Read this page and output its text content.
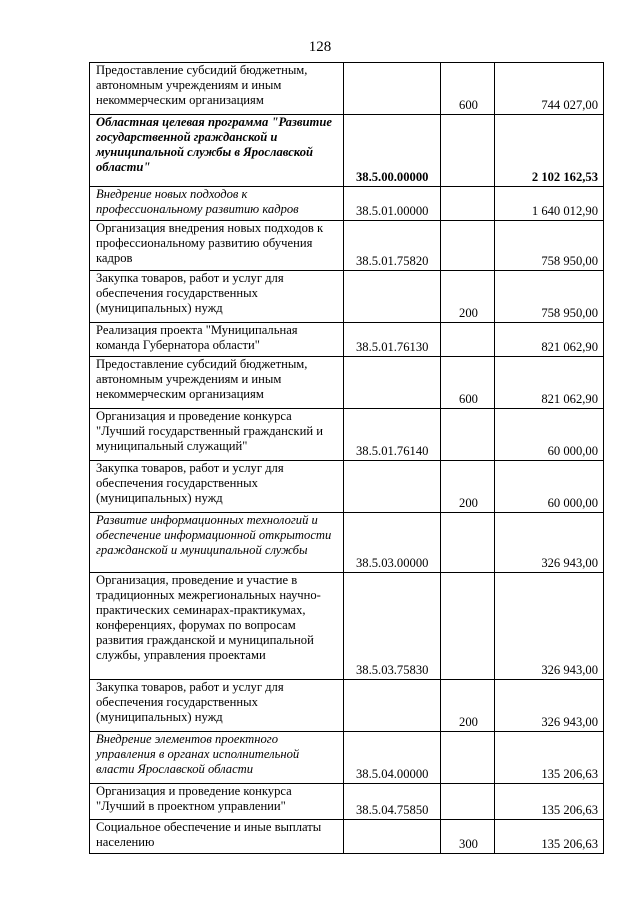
128
Предоставление субсидий бюджетным, автономным учреждениям и иным некоммерческим организациям		600	744 027,00
Областная целевая программа "Развитие государственной гражданской и муниципальной службы в Ярославской области"	38.5.00.00000		2 102 162,53
Внедрение новых подходов к профессиональному развитию кадров	38.5.01.00000		1 640 012,90
Организация внедрения новых подходов к профессиональному развитию обучения кадров	38.5.01.75820		758 950,00
Закупка товаров, работ и услуг для обеспечения государственных (муниципальных) нужд		200	758 950,00
Реализация проекта "Муниципальная команда Губернатора области"	38.5.01.76130		821 062,90
Предоставление субсидий бюджетным, автономным учреждениям и иным некоммерческим организациям		600	821 062,90
Организация и проведение конкурса "Лучший государственный гражданский и муниципальный служащий"	38.5.01.76140		60 000,00
Закупка товаров, работ и услуг для обеспечения государственных (муниципальных) нужд		200	60 000,00
Развитие информационных технологий и обеспечение информационной открытости гражданской и муниципальной службы	38.5.03.00000		326 943,00
Организация, проведение и участие в традиционных межрегиональных научно-практических семинарах-практикумах, конференциях, форумах по вопросам развития гражданской и муниципальной службы, управления проектами	38.5.03.75830		326 943,00
Закупка товаров, работ и услуг для обеспечения государственных (муниципальных) нужд		200	326 943,00
Внедрение элементов проектного управления в органах исполнительной власти Ярославской области	38.5.04.00000		135 206,63
Организация и проведение конкурса "Лучший в проектном управлении"	38.5.04.75850		135 206,63
Социальное обеспечение и иные выплаты населению		300	135 206,63
